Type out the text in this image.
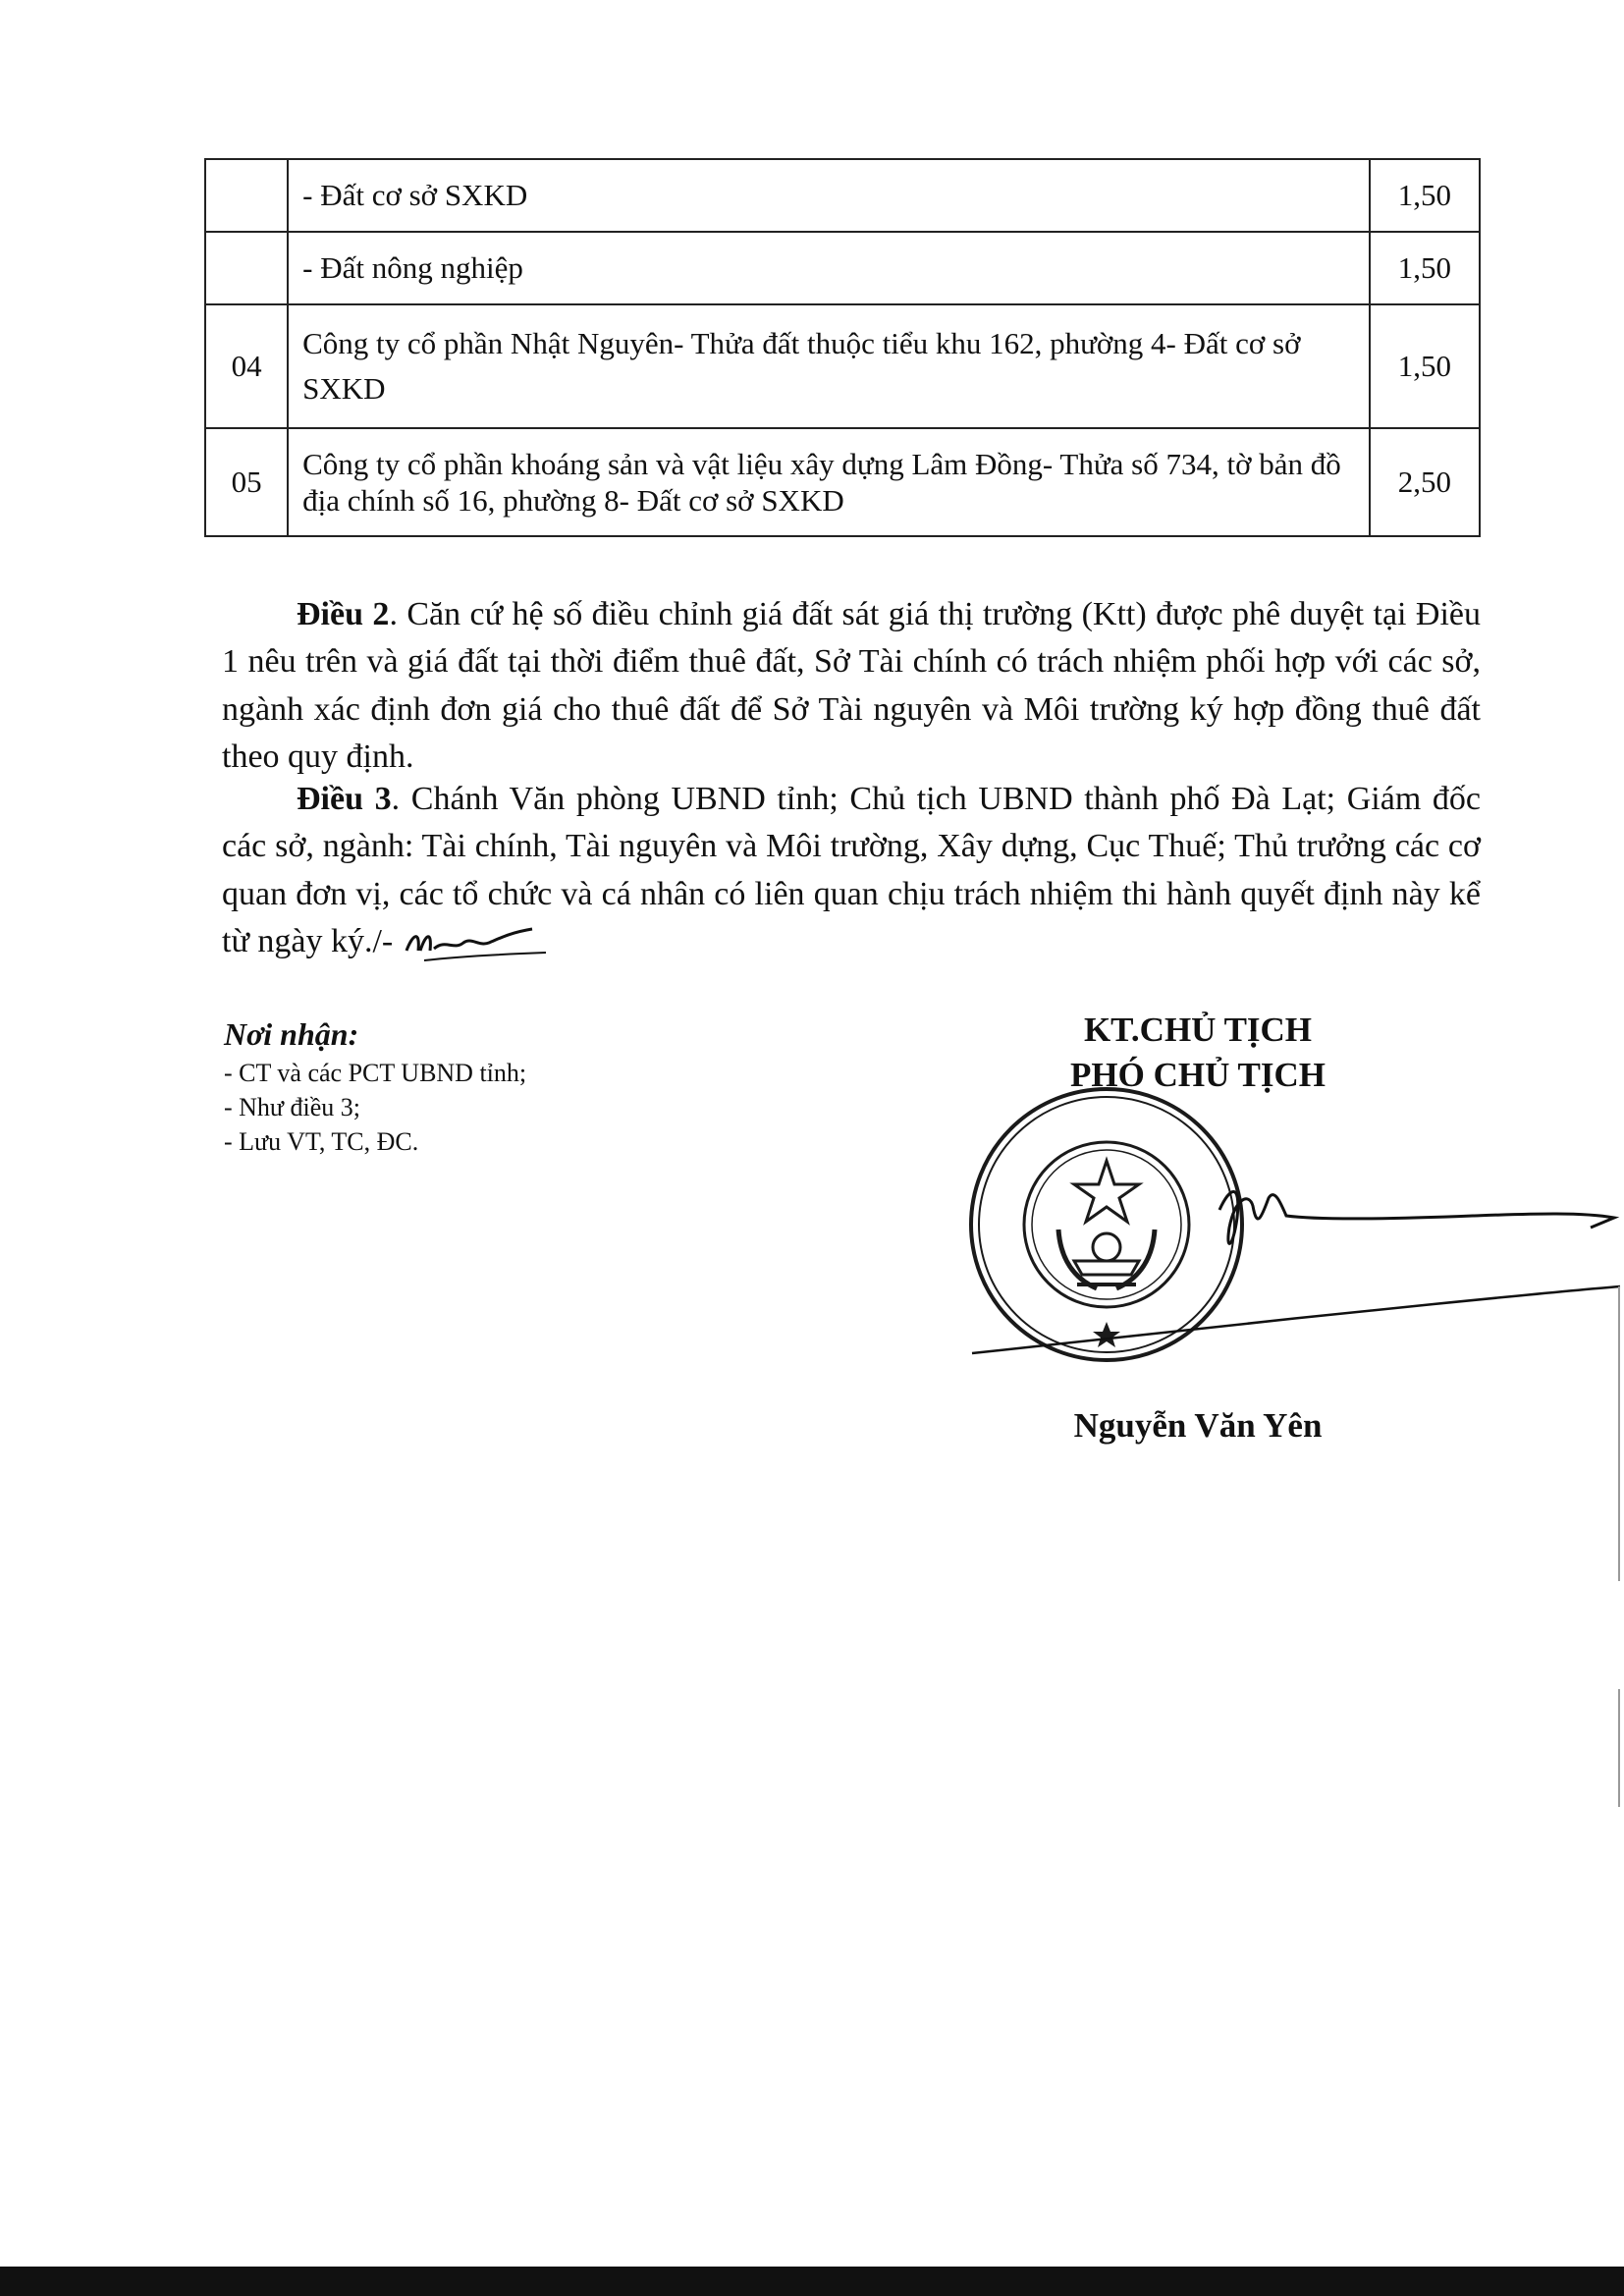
	- Đất cơ sở SXKD	1,50
	- Đất nông nghiệp	1,50
04	Công ty cổ phần Nhật Nguyên- Thửa đất thuộc tiểu khu 162, phường 4- Đất cơ sở SXKD	1,50
05	Công ty cổ phần khoáng sản và vật liệu xây dựng Lâm Đồng- Thửa số 734, tờ bản đồ địa chính số 16, phường 8- Đất cơ sở SXKD	2,50

Điều 2. Căn cứ hệ số điều chỉnh giá đất sát giá thị trường (Ktt) được phê duyệt tại Điều 1 nêu trên và giá đất tại thời điểm thuê đất, Sở Tài chính có trách nhiệm phối hợp với các sở, ngành xác định đơn giá cho thuê đất để Sở Tài nguyên và Môi trường ký hợp đồng thuê đất theo quy định.

Điều 3. Chánh Văn phòng UBND tỉnh; Chủ tịch UBND thành phố Đà Lạt; Giám đốc các sở, ngành: Tài chính, Tài nguyên và Môi trường, Xây dựng, Cục Thuế; Thủ trưởng các cơ quan đơn vị, các tổ chức và cá nhân có liên quan chịu trách nhiệm thi hành quyết định này kể từ ngày ký./-

Nơi nhận:
- CT và các PCT UBND tỉnh;
- Như điều 3;
- Lưu VT, TC, ĐC.
KT.CHỦ TỊCH
PHÓ CHỦ TỊCH
Nguyễn Văn Yên
